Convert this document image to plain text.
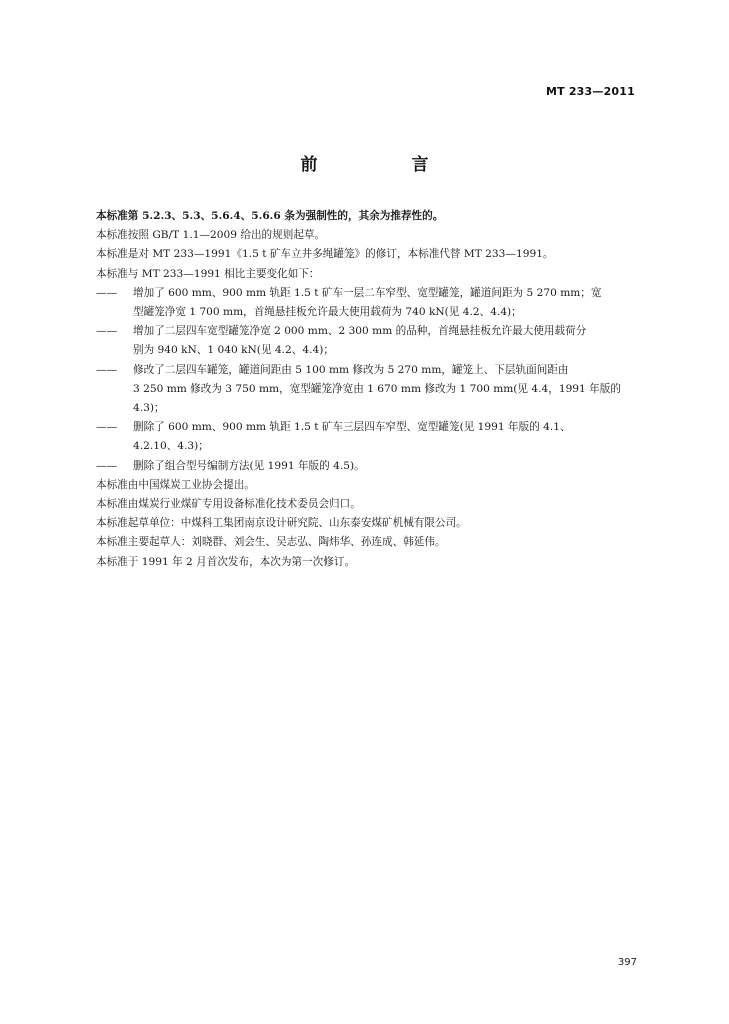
MT 233—2011
前 言
本标准第 5.2.3、5.3、5.6.4、5.6.6 条为强制性的，其余为推荐性的。
本标准按照 GB/T 1.1—2009 给出的规则起草。
本标准是对 MT 233—1991《1.5 t 矿车立井多绳罐笼》的修订，本标准代替 MT 233—1991。
本标准与 MT 233—1991 相比主要变化如下：
——	增加了 600 mm、900 mm 轨距 1.5 t 矿车一层二车窄型、宽型罐笼，罐道间距为 5 270 mm；宽
型罐笼净宽 1 700 mm，首绳悬挂板允许最大使用载荷为 740 kN(见 4.2、4.4)；
——	增加了二层四车宽型罐笼净宽 2 000 mm、2 300 mm 的品种，首绳悬挂板允许最大使用载荷分
别为 940 kN、1 040 kN(见 4.2、4.4)；
——	修改了二层四车罐笼，罐道间距由 5 100 mm 修改为 5 270 mm，罐笼上、下层轨面间距由
3 250 mm 修改为 3 750 mm，宽型罐笼净宽由 1 670 mm 修改为 1 700 mm(见 4.4，1991 年版的
4.3)；
——	删除了 600 mm、900 mm 轨距 1.5 t 矿车三层四车窄型、宽型罐笼(见 1991 年版的 4.1、
4.2.10、4.3)；
——	删除了组合型号编制方法(见 1991 年版的 4.5)。
本标准由中国煤炭工业协会提出。
本标准由煤炭行业煤矿专用设备标准化技术委员会归口。
本标准起草单位：中煤科工集团南京设计研究院、山东泰安煤矿机械有限公司。
本标准主要起草人：刘晓群、刘会生、吴志弘、陶炜华、孙连成、韩延伟。
本标准于 1991 年 2 月首次发布，本次为第一次修订。
397
